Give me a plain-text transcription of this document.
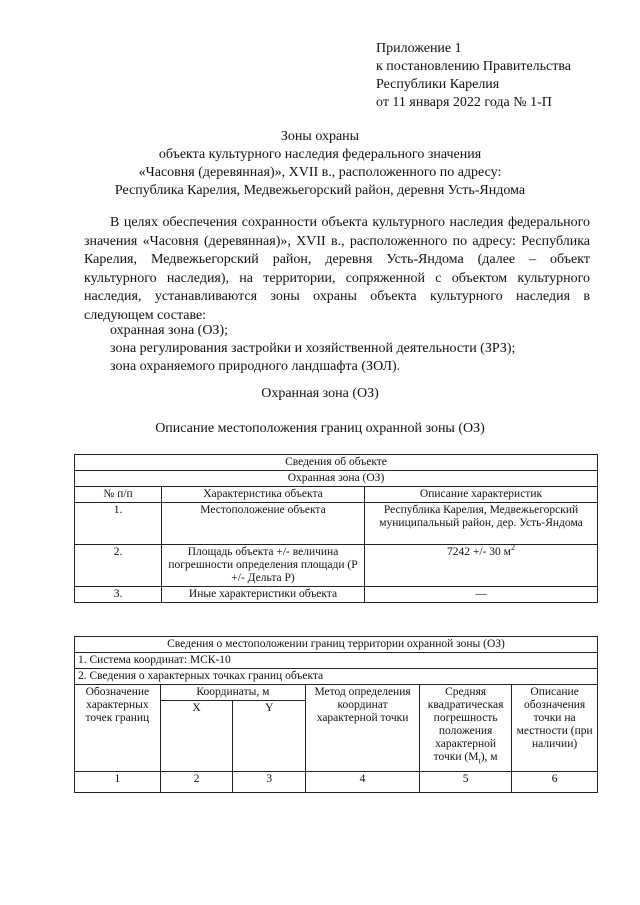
Приложение 1
к постановлению Правительства
Республики Карелия
от 11 января 2022 года № 1-П
Зоны охраны
объекта культурного наследия федерального значения
«Часовня (деревянная)», XVII в., расположенного по адресу:
Республика Карелия, Медвежьегорский район, деревня Усть-Яндома
В целях обеспечения сохранности объекта культурного наследия федерального значения «Часовня (деревянная)», XVII в., расположенного по адресу: Республика Карелия, Медвежьегорский район, деревня Усть-Яндома (далее – объект культурного наследия), на территории, сопряженной с объектом культурного наследия, устанавливаются зоны охраны объекта культурного наследия в следующем составе:
охранная зона (ОЗ);
зона регулирования застройки и хозяйственной деятельности (ЗРЗ);
зона охраняемого природного ландшафта (ЗОЛ).
Охранная зона (ОЗ)
Описание местоположения границ охранной зоны (ОЗ)
Сведения об объекте		
Охранная зона (ОЗ)		
№ п/п	Характеристика объекта	Описание характеристик
1.	Местоположение объекта	Республика Карелия, Медвежьегорский муниципальный район, дер. Усть-Яндома
2.	Площадь объекта +/- величина погрешности определения площади (Р +/- Дельта Р)	7242 +/- 30 $м^2$
3.	Иные характеристики объекта	—
Сведения о местоположении границ территории охранной зоны (ОЗ)					
1. Система координат: МСК-10					
2. Сведения о характерных точках границ объекта					
Обозначение характерных точек границ	Координаты, м		Метод определения координат характерной точки	Средняя квадратическая погрешность положения характерной точки $(M_t)$, м	Описание обозначения точки на местности (при наличии)
	X	Y			
1	2	3	4	5	6
